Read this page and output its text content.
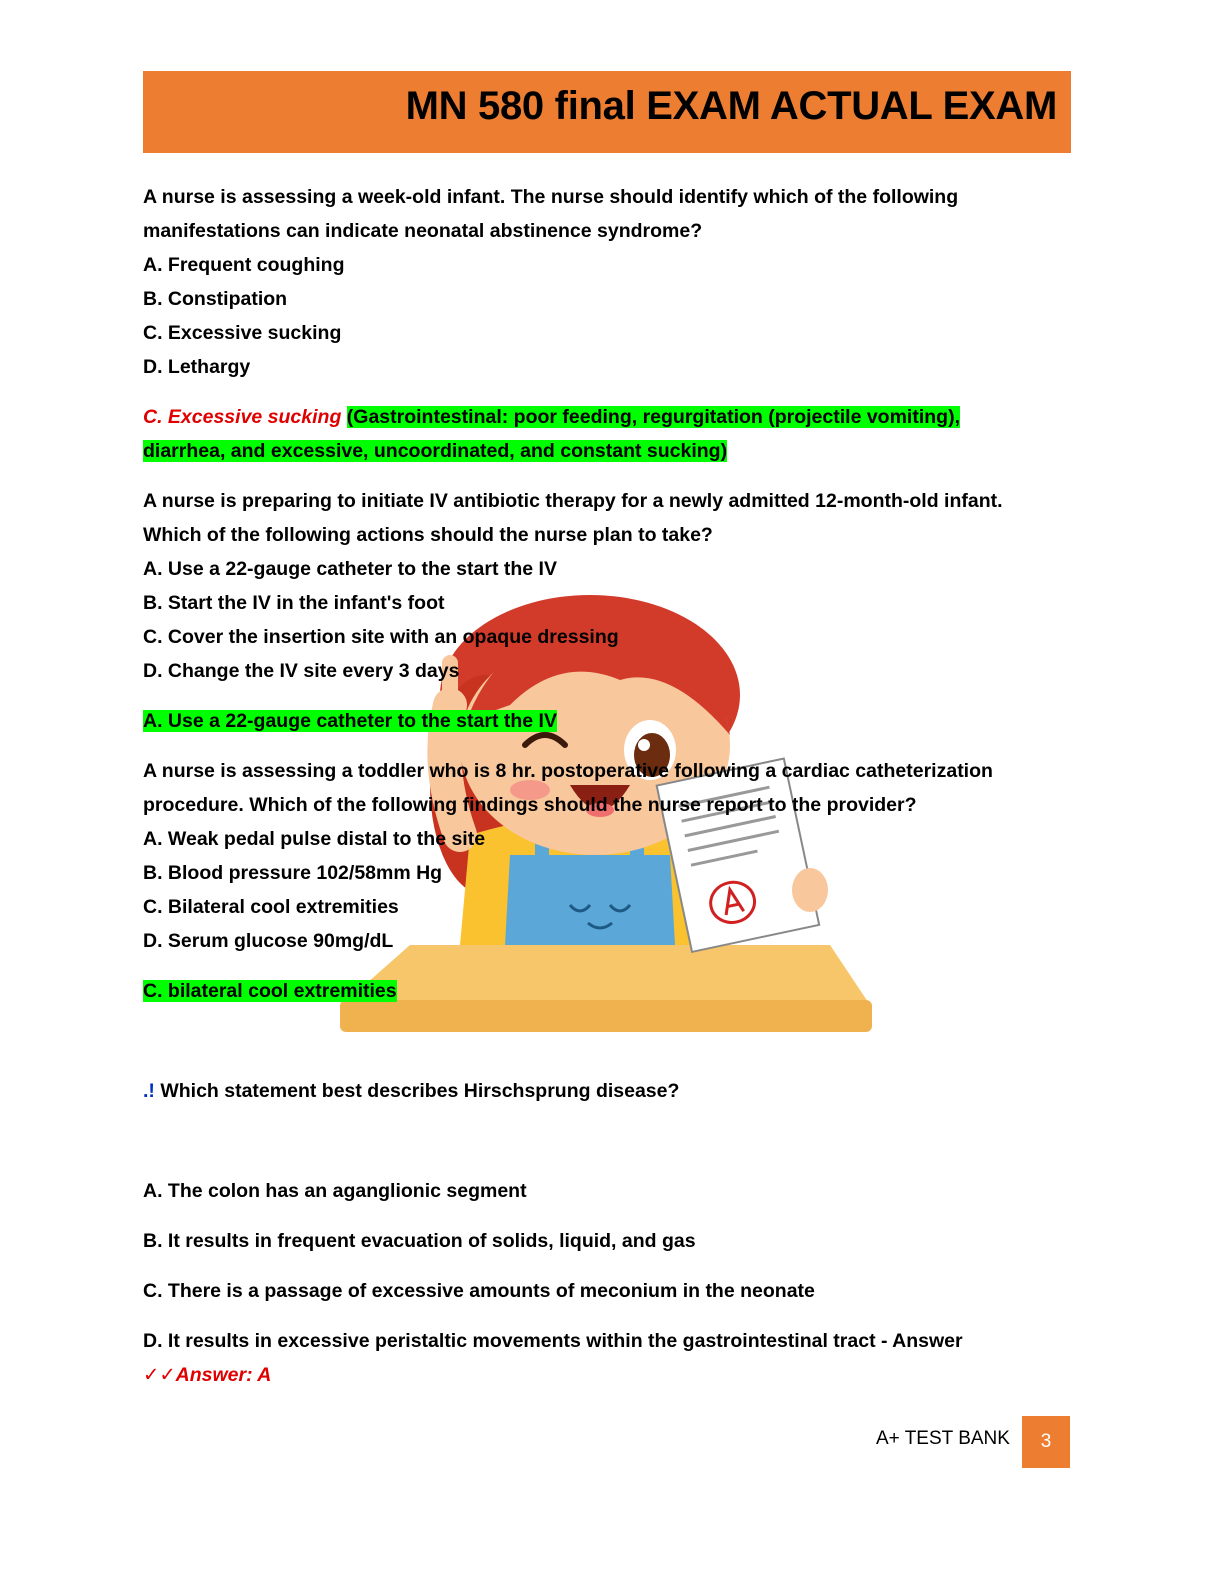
MN 580 final EXAM ACTUAL EXAM

A nurse is assessing a week-old infant. The nurse should identify which of the following

manifestations can indicate neonatal abstinence syndrome?

A. Frequent coughing

B. Constipation

C. Excessive sucking

D. Lethargy

C. Excessive sucking (Gastrointestinal: poor feeding, regurgitation (projectile vomiting),

diarrhea, and excessive, uncoordinated, and constant sucking)

A nurse is preparing to initiate IV antibiotic therapy for a newly admitted 12-month-old infant.

Which of the following actions should the nurse plan to take?

A. Use a 22-gauge catheter to the start the IV

B. Start the IV in the infant's foot

C. Cover the insertion site with an opaque dressing

D. Change the IV site every 3 days

A. Use a 22-gauge catheter to the start the IV

A nurse is assessing a toddler who is 8 hr. postoperative following a cardiac catheterization

procedure. Which of the following findings should the nurse report to the provider?

A. Weak pedal pulse distal to the site

B. Blood pressure 102/58mm Hg

C. Bilateral cool extremities

D. Serum glucose 90mg/dL

C. bilateral cool extremities

.! Which statement best describes Hirschsprung disease?

A. The colon has an aganglionic segment

B. It results in frequent evacuation of solids, liquid, and gas

C. There is a passage of excessive amounts of meconium in the neonate

D. It results in excessive peristaltic movements within the gastrointestinal tract - Answer

✓✓Answer: A

A+ TEST BANK	3
